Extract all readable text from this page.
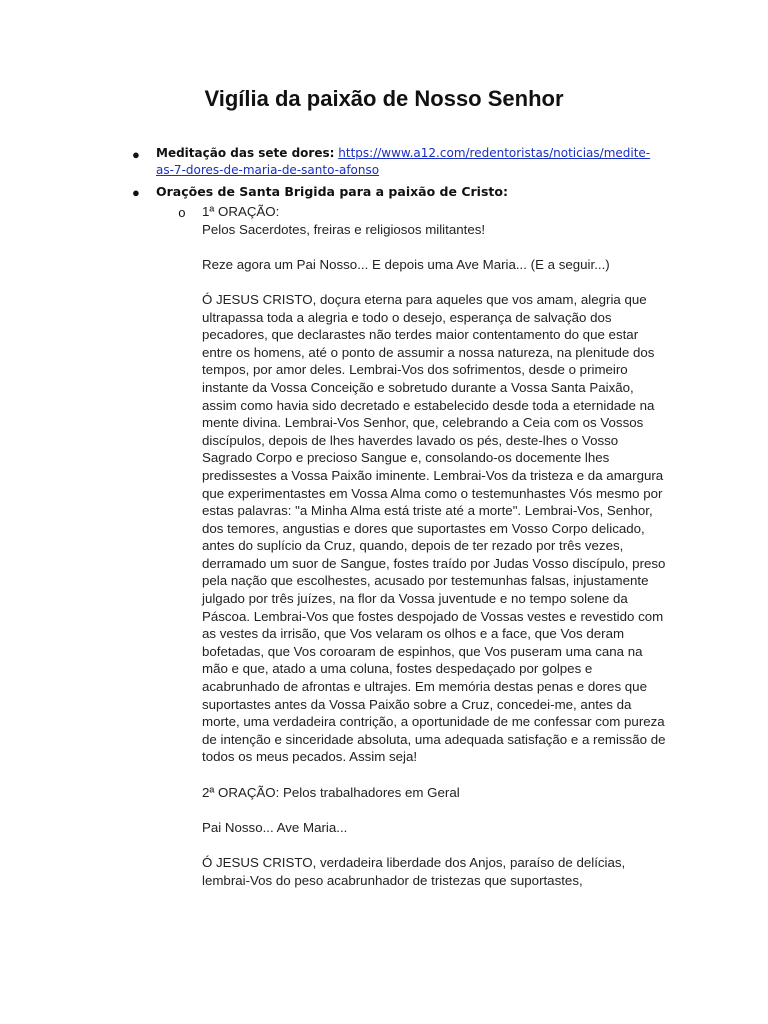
Vigília da paixão de Nosso Senhor
● Meditação das sete dores: https://www.a12.com/redentoristas/noticias/medite-as-7-dores-de-maria-de-santo-afonso
● Orações de Santa Brigida para a paixão de Cristo:
o 1ª ORAÇÃO:

Pelos Sacerdotes, freiras e religiosos militantes!

Reze agora um Pai Nosso... E depois uma Ave Maria... (E a seguir...)

Ó JESUS CRISTO, doçura eterna para aqueles que vos amam, alegria que ultrapassa toda a alegria e todo o desejo, esperança de salvação dos pecadores, que declarastes não terdes maior contentamento do que estar entre os homens, até o ponto de assumir a nossa natureza, na plenitude dos tempos, por amor deles. Lembrai-Vos dos sofrimentos, desde o primeiro instante da Vossa Conceição e sobretudo durante a Vossa Santa Paixão, assim como havia sido decretado e estabelecido desde toda a eternidade na mente divina. Lembrai-Vos Senhor, que, celebrando a Ceia com os Vossos discípulos, depois de lhes haverdes lavado os pés, deste-lhes o Vosso Sagrado Corpo e precioso Sangue e, consolando-os docemente lhes predissestes a Vossa Paixão iminente. Lembrai-Vos da tristeza e da amargura que experimentastes em Vossa Alma como o testemunhastes Vós mesmo por estas palavras: "a Minha Alma está triste até a morte". Lembrai-Vos, Senhor, dos temores, angustias e dores que suportastes em Vosso Corpo delicado, antes do suplício da Cruz, quando, depois de ter rezado por três vezes, derramado um suor de Sangue, fostes traído por Judas Vosso discípulo, preso pela nação que escolhestes, acusado por testemunhas falsas, injustamente julgado por três juízes, na flor da Vossa juventude e no tempo solene da Páscoa. Lembrai-Vos que fostes despojado de Vossas vestes e revestido com as vestes da irrisão, que Vos velaram os olhos e a face, que Vos deram bofetadas, que Vos coroaram de espinhos, que Vos puseram uma cana na mão e que, atado a uma coluna, fostes despedaçado por golpes e acabrunhado de afrontas e ultrajes. Em memória destas penas e dores que suportastes antes da Vossa Paixão sobre a Cruz, concedei-me, antes da morte, uma verdadeira contrição, a oportunidade de me confessar com pureza de intenção e sinceridade absoluta, uma adequada satisfação e a remissão de todos os meus pecados. Assim seja!

2ª ORAÇÃO: Pelos trabalhadores em Geral

Pai Nosso... Ave Maria...

Ó JESUS CRISTO, verdadeira liberdade dos Anjos, paraíso de delícias, lembrai-Vos do peso acabrunhador de tristezas que suportastes,
